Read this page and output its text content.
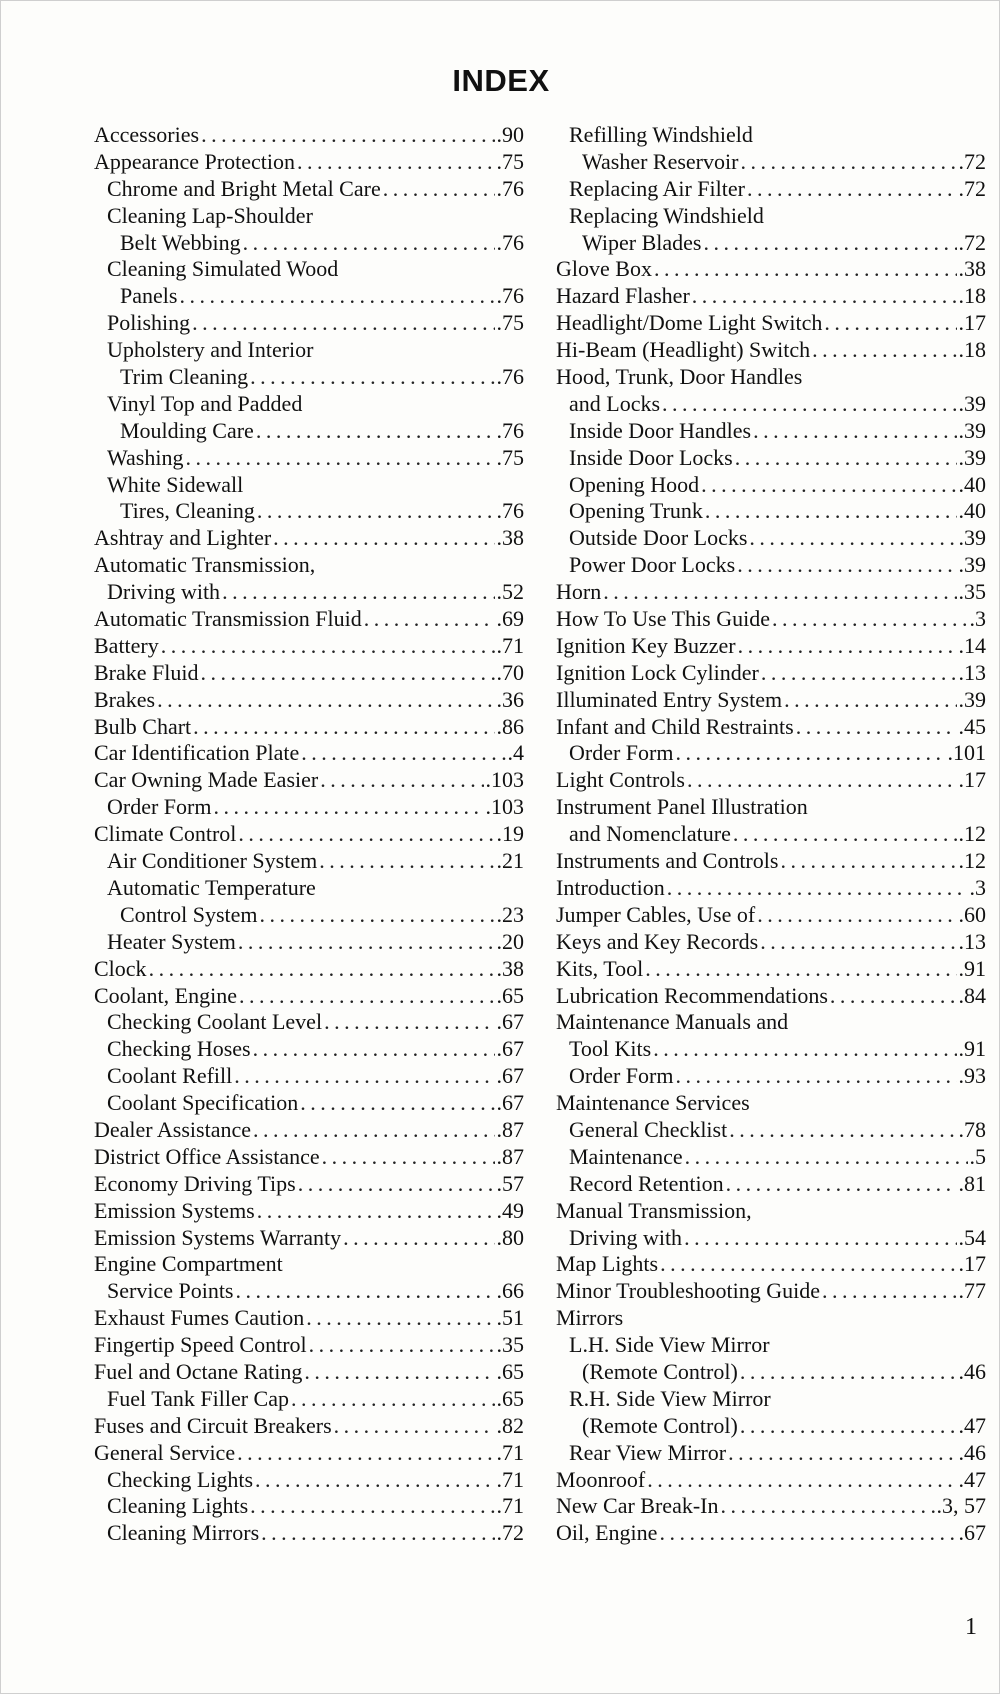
INDEX
Accessories . . .	.90
Appearance Protection . . .	.75
Chrome and Bright Metal Care . . .	.76
Cleaning Lap-Shoulder
Belt Webbing . . .	.76
Cleaning Simulated Wood
Panels . . .	.76
Polishing . . .	.75
Upholstery and Interior
Trim Cleaning . . .	.76
Vinyl Top and Padded
Moulding Care . . .	.76
Washing . . .	.75
White Sidewall
Tires, Cleaning . . .	.76
Ashtray and Lighter . . .	.38
Automatic Transmission,
Driving with . . .	.52
Automatic Transmission Fluid . . .	.69
Battery . . .	.71
Brake Fluid . . .	.70
Brakes . . .	.36
Bulb Chart . . .	.86
Car Identification Plate . . .	.4
Car Owning Made Easier . . .	.103
Order Form . . .	.103
Climate Control . . .	.19
Air Conditioner System . . .	.21
Automatic Temperature
Control System . . .	.23
Heater System . . .	.20
Clock . . .	.38
Coolant, Engine . . .	.65
Checking Coolant Level . . .	.67
Checking Hoses . . .	.67
Coolant Refill . . .	.67
Coolant Specification . . .	.67
Dealer Assistance . . .	.87
District Office Assistance . . .	.87
Economy Driving Tips . . .	.57
Emission Systems . . .	.49
Emission Systems Warranty . . .	.80
Engine Compartment
Service Points . . .	.66
Exhaust Fumes Caution . . .	.51
Fingertip Speed Control . . .	.35
Fuel and Octane Rating . . .	.65
Fuel Tank Filler Cap . . .	.65
Fuses and Circuit Breakers . . .	.82
General Service . . .	.71
Checking Lights . . .	.71
Cleaning Lights . . .	.71
Cleaning Mirrors . . .	.72
Refilling Windshield
Washer Reservoir . . .	.72
Replacing Air Filter . . .	.72
Replacing Windshield
Wiper Blades . . .	.72
Glove Box . . .	.38
Hazard Flasher . . .	.18
Headlight/Dome Light Switch . . .	.17
Hi-Beam (Headlight) Switch . . .	.18
Hood, Trunk, Door Handles
and Locks . . .	.39
Inside Door Handles . . .	.39
Inside Door Locks . . .	.39
Opening Hood . . .	.40
Opening Trunk . . .	.40
Outside Door Locks . . .	.39
Power Door Locks . . .	.39
Horn . . .	.35
How To Use This Guide . . .	.3
Ignition Key Buzzer . . .	.14
Ignition Lock Cylinder . . .	.13
Illuminated Entry System . . .	.39
Infant and Child Restraints . . .	.45
Order Form . . .	.101
Light Controls . . .	.17
Instrument Panel Illustration
and Nomenclature . . .	.12
Instruments and Controls . . .	.12
Introduction . . .	.3
Jumper Cables, Use of . . .	.60
Keys and Key Records . . .	.13
Kits, Tool . . .	.91
Lubrication Recommendations . . .	.84
Maintenance Manuals and
Tool Kits . . .	.91
Order Form . . .	.93
Maintenance Services
General Checklist . . .	.78
Maintenance . . .	.5
Record Retention . . .	.81
Manual Transmission,
Driving with . . .	.54
Map Lights . . .	.17
Minor Troubleshooting Guide . . .	.77
Mirrors
L.H. Side View Mirror
(Remote Control) . . .	.46
R.H. Side View Mirror
(Remote Control) . . .	.47
Rear View Mirror . . .	.46
Moonroof . . .	.47
New Car Break-In . . .	.3, 57
Oil, Engine . . .	.67
1
